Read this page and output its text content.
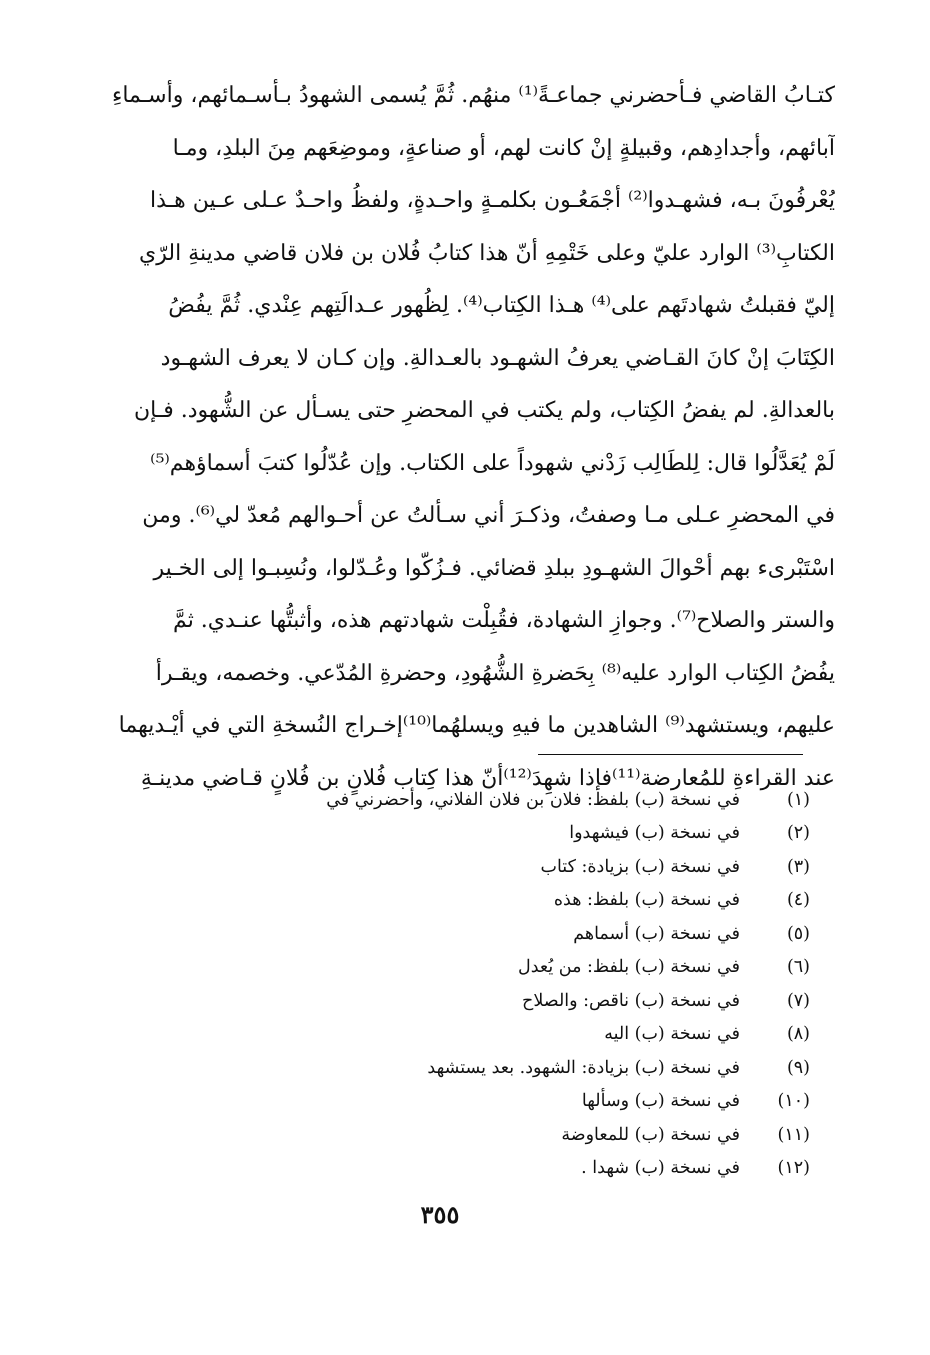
كتـابُ القاضي فـأحضرني جماعـةً⁽¹⁾ منهُم. ثُمَّ يُسمى الشهودُ بـأسـمائهم، وأسـماءِ
آبائهم، وأجدادِهم، وقبيلةٍ إنْ كانت لهم، أو صناعةٍ، وموضِعَهم مِنَ البلدِ، ومـا
يُعْرفُونَ بـه، فشهـدوا⁽²⁾ أجْمَعُـون بكلمـةٍ واحـدةٍ، ولفظُ واحـدٌ عـلى عـين هـذا
الكتابِ⁽³⁾ الوارد عليّ وعلى خَتْمِهِ أنّ هذا كتابُ فُلان بن فلان قاضي مدينةِ الرّي
إليّ فقبلتُ شهادتَهم على⁽⁴⁾ هـذا الكِتاب⁽⁴⁾. لِظُهور عـدالَتِهم عِنْدي. ثُمَّ يفُضُ
الكِتَابَ إنْ كانَ القـاضي يعرفُ الشهـود بالعـدالةِ. وإن كـان لا يعرف الشهـود
بالعدالةِ. لم يفضُ الكِتاب، ولم يكتب في المحضرِ حتى يسـأل عن الشُّهود. فـإن
لَمْ يُعَدَّلُوا قال: لِلطَالِب زَدْني شهوداً على الكتاب. وإن عُدّلُوا كتبَ أسماؤهم⁽⁵⁾
في المحضرِ عـلى مـا وصفتُ، وذكـرَ أني سـألتُ عن أحـوالهم مُعدّ لي⁽⁶⁾. ومن
اسْتَبْرىء بهم أحْوالَ الشهـودِ ببلدِ قضائي. فـزُكّوا وعُـدّلوا، ونُسِبـوا إلى الخـير
والستر والصلاح⁽⁷⁾. وجوازِ الشهادة، فقُبِلْت شهادتهم هذه، وأثبتُّها عنـدي. ثمَّ
يفُضُ الكِتاب الوارد عليه⁽⁸⁾ بِحَضرةِ الشُّهُودِ، وحضرةِ المُدّعي. وخصمه، ويقـرأ
عليهم، ويستشهد⁽⁹⁾ الشاهدين ما فيهِ ويسلهُما⁽¹⁰⁾إخـراج النُسخةِ التي في أيْـديهما
عند القراءةِ للمُعارضة⁽¹¹⁾فإذا شهِدَ⁽¹²⁾أنّ هذا كِتاب فُلانٍ بن فُلانٍ قـاضي مدينـةِ
(١)
في نسخة (ب) بلفظ: فلان بن فلان الفلاني، وأحضرني في
(٢)
في نسخة (ب) فيشهدوا
(٣)
في نسخة (ب) بزيادة: كتاب
(٤)
في نسخة (ب) بلفظ: هذه
(٥)
في نسخة (ب) أسماهم
(٦)
في نسخة (ب) بلفظ: من يُعدل
(٧)
في نسخة (ب) ناقص: والصلاح
(٨)
في نسخة (ب) اليه
(٩)
في نسخة (ب) بزيادة: الشهود. بعد يستشهد
(١٠)
في نسخة (ب) وسألها
(١١)
في نسخة (ب) للمعاوضة
(١٢)
في نسخة (ب) شهدا .
٣٥٥
